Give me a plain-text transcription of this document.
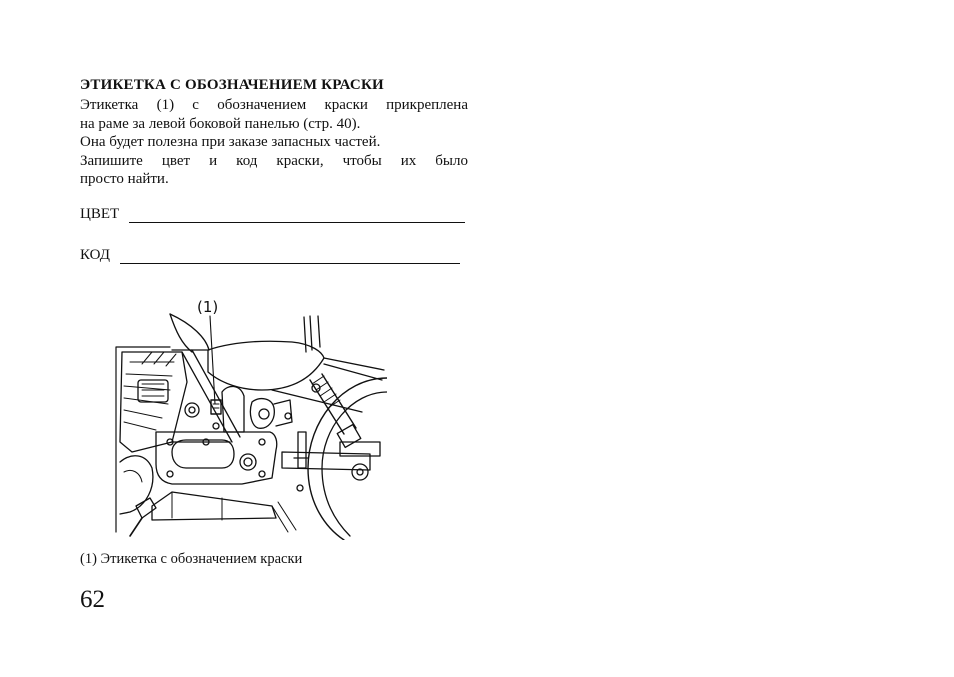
ЭТИКЕТКА С ОБОЗНАЧЕНИЕМ КРАСКИ

Этикетка (1) с обозначением краски прикреплена
на раме за левой боковой панелью (стр. 40).
Она будет полезна при заказе запасных частей.
Запишите цвет и код краски, чтобы их было
просто найти.

ЦВЕТ
КОД
(1)

(1) Этикетка с обозначением краски

62
